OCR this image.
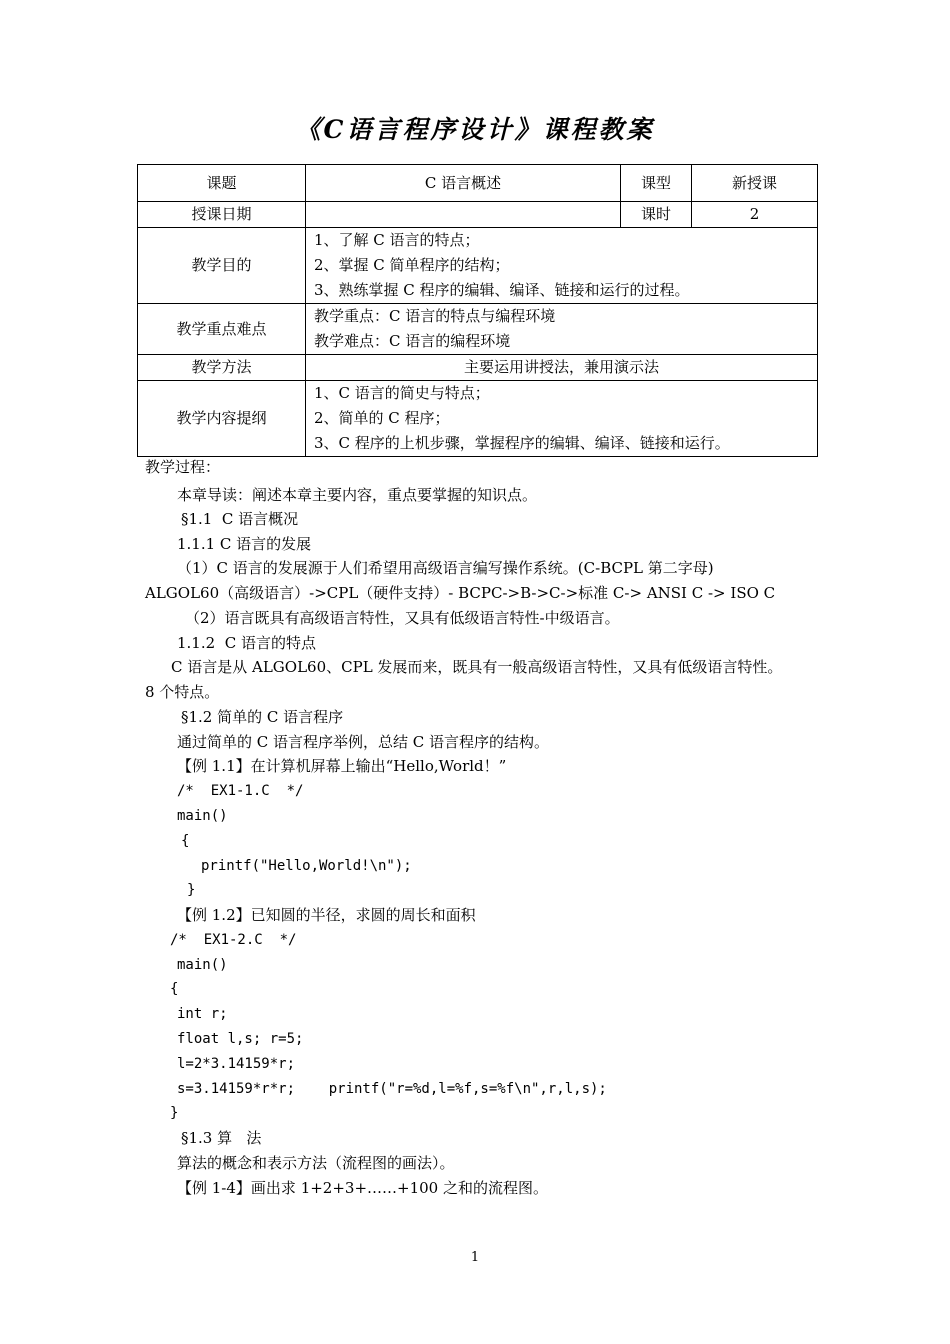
《C语言程序设计》课程教案
课题	C 语言概述	课型	新授课
授课日期		课时	2
教学目的	1、了解 C 语言的特点；
2、掌握 C 简单程序的结构；
3、熟练掌握 C 程序的编辑、编译、链接和运行的过程。		

教学重点难点	教学重点：C 语言的特点与编程环境
教学难点：C 语言的编程环境		

教学方法	主要运用讲授法，兼用演示法		
教学内容提纲	1、C 语言的简史与特点；
2、简单的 C 程序；
3、C 程序的上机步骤，掌握程序的编辑、编译、链接和运行。		
教学过程：
本章导读：阐述本章主要内容，重点要掌握的知识点。
§1.1  C 语言概况
1.1.1 C 语言的发展
（1）C 语言的发展源于人们希望用高级语言编写操作系统。(C-BCPL 第二字母)
ALGOL60（高级语言）->CPL（硬件支持）- BCPC->B->C->标准 C-> ANSI C -> ISO C
（2）语言既具有高级语言特性，又具有低级语言特性-中级语言。
1.1.2  C 语言的特点
C 语言是从 ALGOL60、CPL 发展而来，既具有一般高级语言特性，又具有低级语言特性。
8 个特点。
§1.2 简单的 C 语言程序
通过简单的 C 语言程序举例，总结 C 语言程序的结构。
【例 1.1】在计算机屏幕上输出“Hello,World！”
/*  EX1-1.C  */
main()
{
printf("Hello,World!\n");
}
【例 1.2】已知圆的半径，求圆的周长和面积
/*  EX1-2.C  */
main()
{
int r;
float l,s; r=5;
l=2*3.14159*r;
s=3.14159*r*r;    printf("r=%d,l=%f,s=%f\n",r,l,s);
}
§1.3 算   法
算法的概念和表示方法（流程图的画法）。
【例 1-4】画出求 1+2+3+……+100 之和的流程图。
1
